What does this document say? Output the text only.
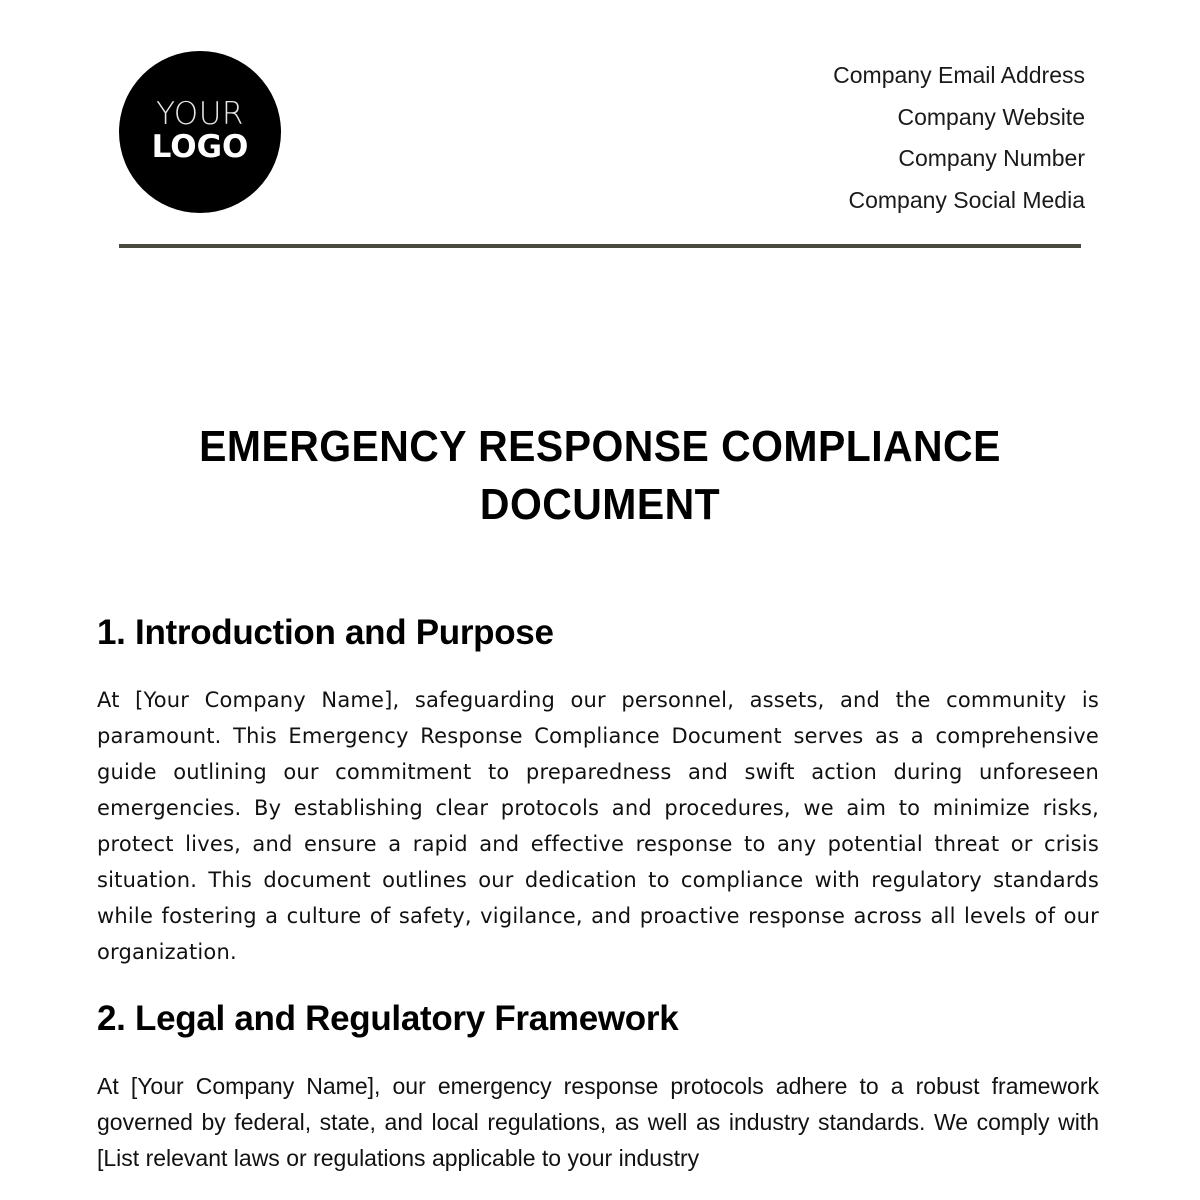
YOUR
LOGO
Company Email Address
Company Website
Company Number
Company Social Media
EMERGENCY RESPONSE COMPLIANCE DOCUMENT
1. Introduction and Purpose

At [Your Company Name], safeguarding our personnel, assets, and the community is paramount. This Emergency Response Compliance Document serves as a comprehensive guide outlining our commitment to preparedness and swift action during unforeseen emergencies. By establishing clear protocols and procedures, we aim to minimize risks, protect lives, and ensure a rapid and effective response to any potential threat or crisis situation. This document outlines our dedication to compliance with regulatory standards while fostering a culture of safety, vigilance, and proactive response across all levels of our organization.

2. Legal and Regulatory Framework

At [Your Company Name], our emergency response protocols adhere to a robust framework governed by federal, state, and local regulations, as well as industry standards. We comply with [List relevant laws or regulations applicable to your industry
